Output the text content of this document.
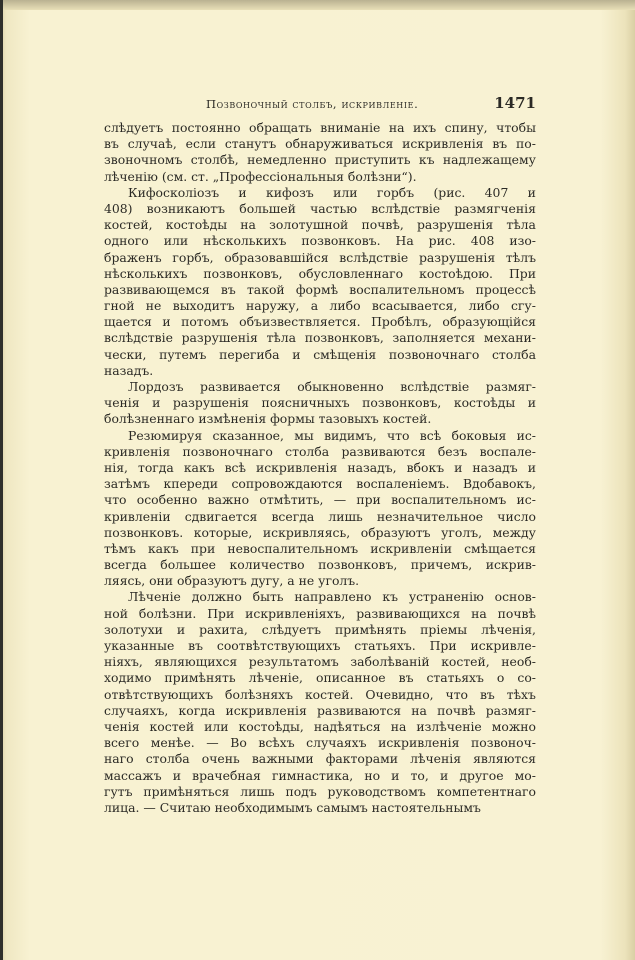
Позвоночный столбъ, искривленіе.	1471
слѣдуетъ постоянно обращать вниманіе на ихъ спину, чтобы
въ случаѣ, если станутъ обнаруживаться искривленія въ по-
звоночномъ столбѣ, немедленно приступить къ надлежащему
лѣченію (см. ст. „Профессіональныя болѣзни“).
Кифосколіозъ и кифозъ или горбъ (рис. 407 и
408) возникаютъ большей частью вслѣдствіе размягченія
костей, костоѣды на золотушной почвѣ, разрушенія тѣла
одного или нѣсколькихъ позвонковъ. На рис. 408 изо-
браженъ горбъ, образовавшійся вслѣдствіе разрушенія тѣлъ
нѣсколькихъ позвонковъ, обусловленнаго костоѣдою. При
развивающемся въ такой формѣ воспалительномъ процессѣ
гной не выходитъ наружу, а либо всасывается, либо сгу-
щается и потомъ объизвествляется. Пробѣлъ, образующійся
вслѣдствіе разрушенія тѣла позвонковъ, заполняется механи-
чески, путемъ перегиба и смѣщенія позвоночнаго столба
назадъ.
Лордозъ развивается обыкновенно вслѣдствіе размяг-
ченія и разрушенія поясничныхъ позвонковъ, костоѣды и
болѣзненнаго измѣненія формы тазовыхъ костей.
Резюмируя сказанное, мы видимъ, что всѣ боковыя ис-
кривленія позвоночнаго столба развиваются безъ воспале-
нія, тогда какъ всѣ искривленія назадъ, вбокъ и назадъ и
затѣмъ кпереди сопровождаются воспаленіемъ. Вдобавокъ,
что особенно важно отмѣтить, — при воспалительномъ ис-
кривленіи сдвигается всегда лишь незначительное число
позвонковъ. которые, искривляясь, образуютъ уголъ, между
тѣмъ какъ при невоспалительномъ искривленіи смѣщается
всегда большее количество позвонковъ, причемъ, искрив-
ляясь, они образуютъ дугу, а не уголъ.
Лѣченіе должно быть направлено къ устраненію основ-
ной болѣзни. При искривленіяхъ, развивающихся на почвѣ
золотухи и рахита, слѣдуетъ примѣнять пріемы лѣченія,
указанные въ соотвѣтствующихъ статьяхъ. При искривле-
ніяхъ, являющихся результатомъ заболѣваній костей, необ-
ходимо примѣнять лѣченіе, описанное въ статьяхъ о со-
отвѣтствующихъ болѣзняхъ костей. Очевидно, что въ тѣхъ
случаяхъ, когда искривленія развиваются на почвѣ размяг-
ченія костей или костоѣды, надѣяться на излѣченіе можно
всего менѣе. — Во всѣхъ случаяхъ искривленія позвоноч-
наго столба очень важными факторами лѣченія являются
массажъ и врачебная гимнастика, но и то, и другое мо-
гутъ примѣняться лишь подъ руководствомъ компетентнаго
лица. — Считаю необходимымъ самымъ настоятельнымъ
